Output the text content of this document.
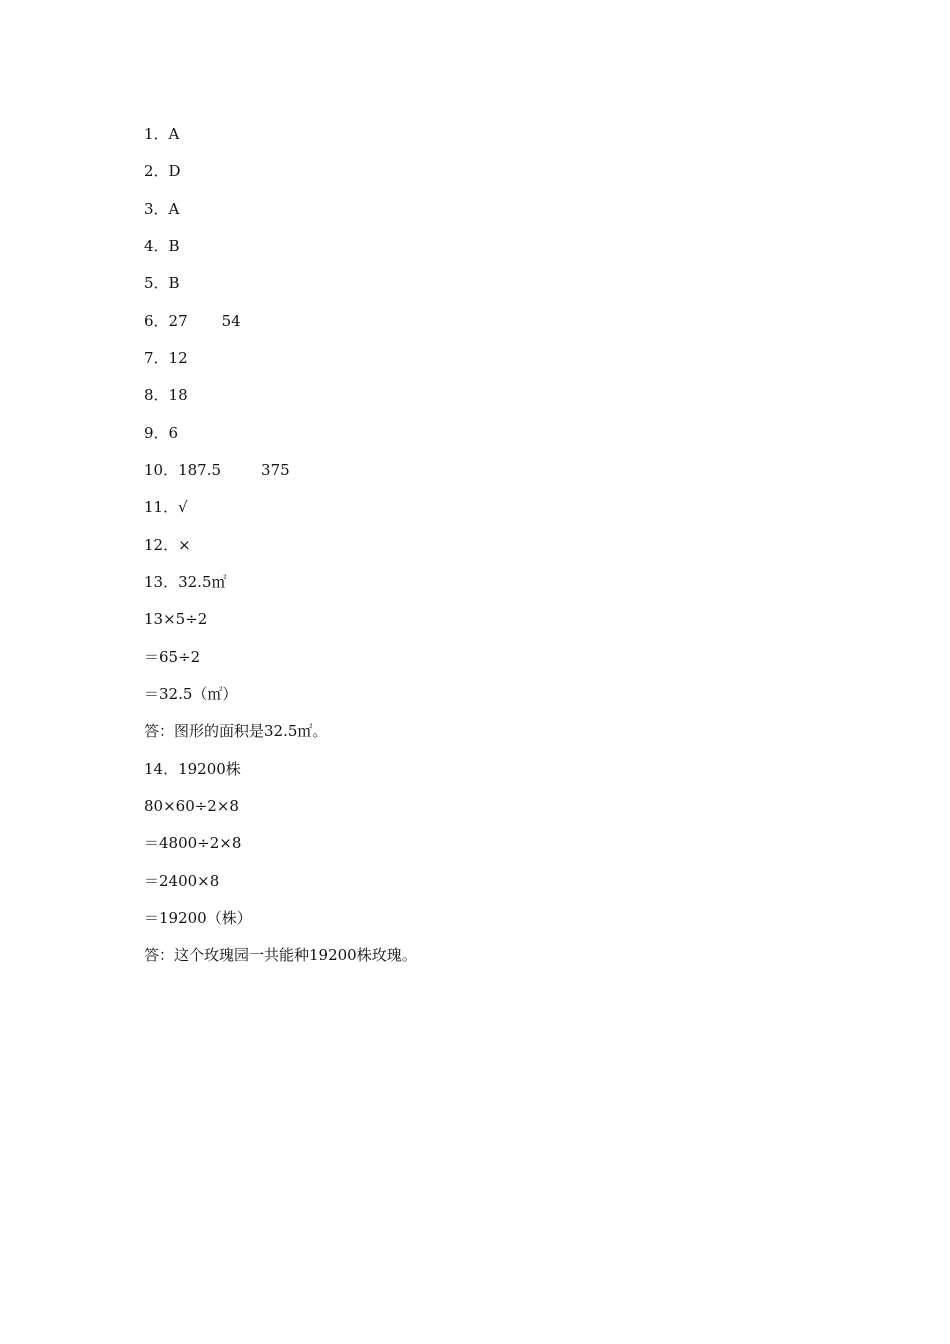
1．A

2．D

3．A

4．B

5．B

6．27 54

7．12

8．18

9．6

10．187.5	375

11．√

12．×

13．32.5㎡

13×5÷2

＝65÷2

＝32.5（㎡）

答：图形的面积是32.5㎡。

14．19200株

80×60÷2×8

＝4800÷2×8

＝2400×8

＝19200（株）

答：这个玫瑰园一共能种19200株玫瑰。
